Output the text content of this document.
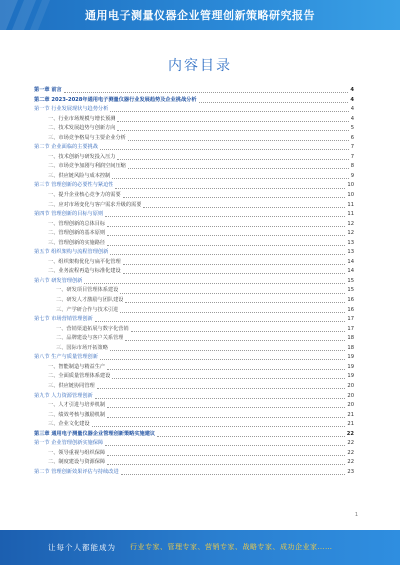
通用电子测量仪器企业管理创新策略研究报告
内容目录
第一章 前言	4
第二章 2023-2028年通用电子测量仪器行业发展趋势及企业挑战分析	4
第一节 行业发展现状与趋势分析	4
一、行业市场规模与增长预测	4
二、技术发展趋势与创新方向	5
三、市场竞争格局与主要企业分析	6
第二节 企业面临的主要挑战	7
一、技术创新与研发投入压力	7
二、市场竞争加剧与利润空间压缩	8
三、供应链风险与成本控制	9
第三节 管理创新的必要性与紧迫性	10
一、提升企业核心竞争力的需要	10
二、应对市场变化与客户需求升级的需要	11
第四节 管理创新的目标与原则	11
一、管理创新的总体目标	12
二、管理创新的基本原则	12
三、管理创新的实施路径	13
第五节 组织架构与流程管理创新	13
一、组织架构优化与扁平化管理	14
二、业务流程再造与标准化建设	14
第六节 研发管理创新	15
一、研发项目管理体系建设	15
二、研发人才激励与团队建设	16
三、产学研合作与技术引进	16
第七节 市场营销管理创新	17
一、营销渠道拓展与数字化营销	17
二、品牌建设与客户关系管理	18
三、国际市场开拓策略	18
第八节 生产与质量管理创新	19
一、智能制造与精益生产	19
二、全面质量管理体系建设	19
三、供应链协同管理	20
第九节 人力资源管理创新	20
一、人才引进与培养机制	20
二、绩效考核与激励机制	21
三、企业文化建设	21
第三章 通用电子测量仪器企业管理创新策略实施建议	22
第一节 企业管理创新实施保障	22
一、领导重视与组织保障	22
二、制度建设与资源保障	22
第二节 管理创新效果评估与持续改进	23
1
让每个人都能成为 行业专家、管理专家、营销专家、战略专家、成功企业家……
